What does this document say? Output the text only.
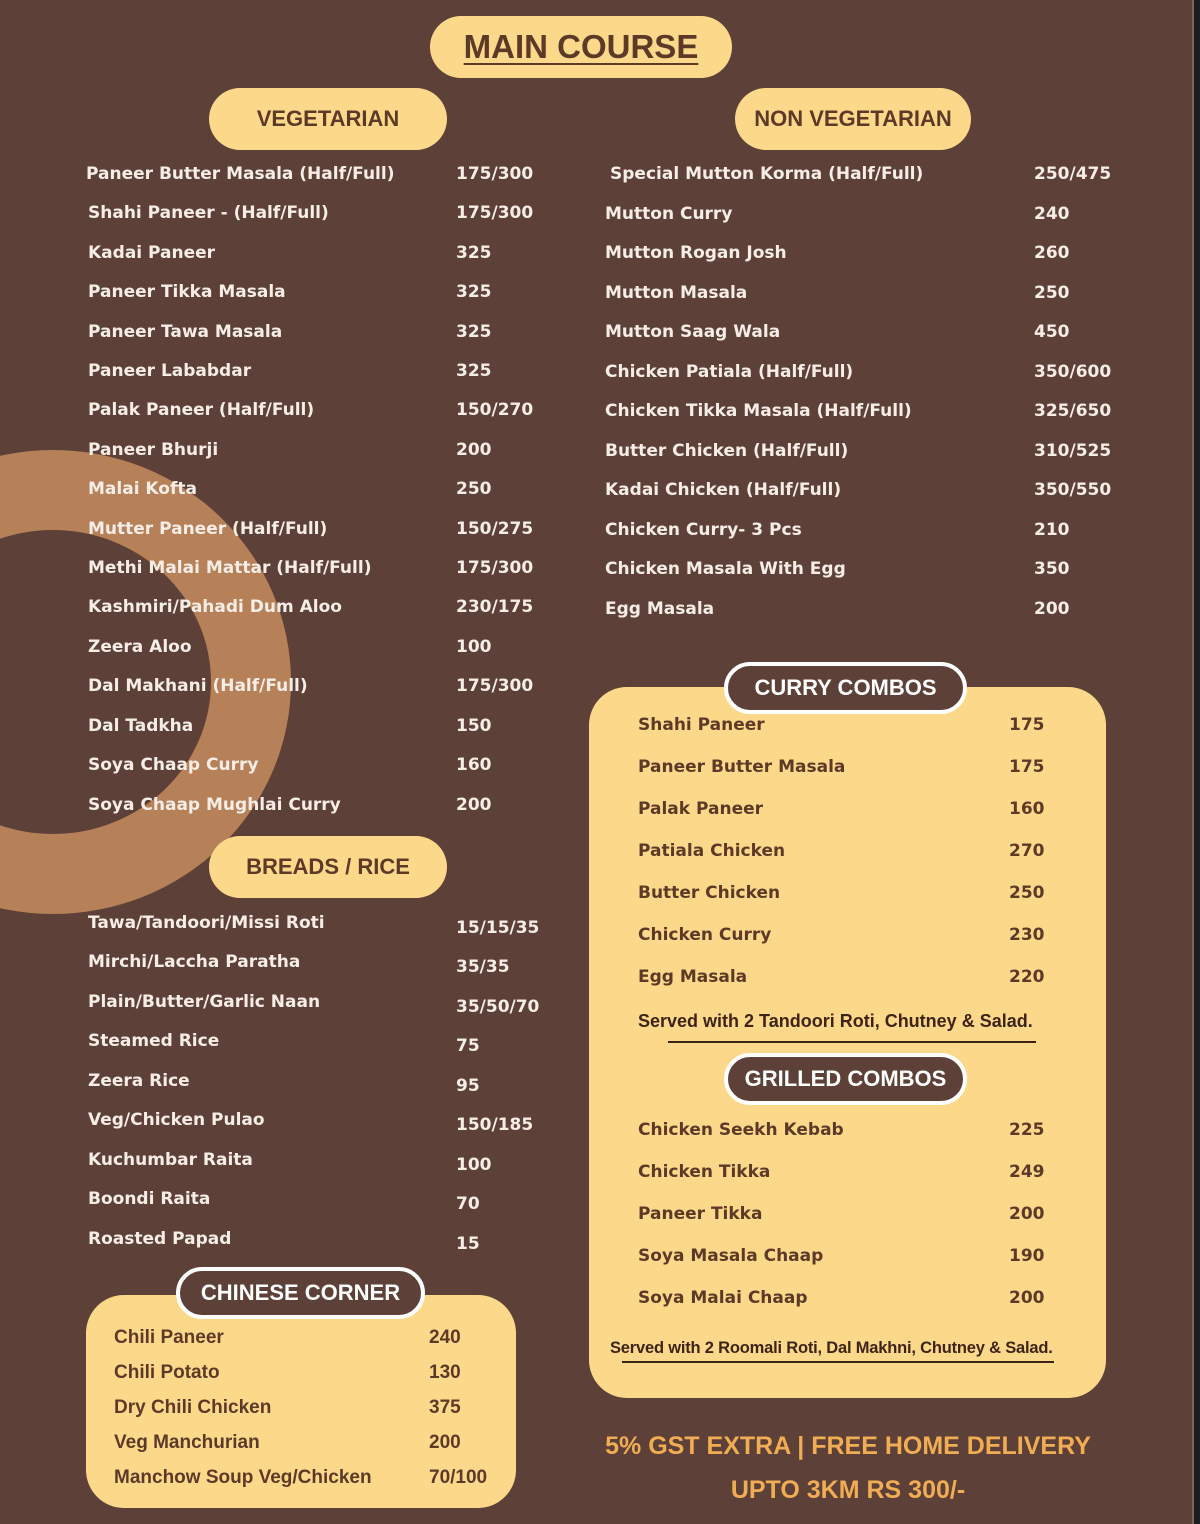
MAIN COURSE
VEGETARIAN	NON VEGETARIAN
BREADS / RICE
Paneer Butter Masala (Half/Full)	175/300
Shahi Paneer - (Half/Full)	175/300
Kadai Paneer	325
Paneer Tikka Masala	325
Paneer Tawa Masala	325
Paneer Lababdar	325
Palak Paneer (Half/Full)	150/270
Paneer Bhurji	200
Malai Kofta	250
Mutter Paneer (Half/Full)	150/275
Methi Malai Mattar (Half/Full)	175/300
Kashmiri/Pahadi Dum Aloo	230/175
Zeera Aloo	100
Dal Makhani (Half/Full)	175/300
Dal Tadkha	150
Soya Chaap Curry	160
Soya Chaap Mughlai Curry	200
Special Mutton Korma (Half/Full)	250/475
Mutton Curry	240
Mutton Rogan Josh	260
Mutton Masala	250
Mutton Saag Wala	450
Chicken Patiala (Half/Full)	350/600
Chicken Tikka Masala (Half/Full)	325/650
Butter Chicken (Half/Full)	310/525
Kadai Chicken (Half/Full)	350/550
Chicken Curry- 3 Pcs	210
Chicken Masala With Egg	350
Egg Masala	200
Tawa/Tandoori/Missi Roti	15/15/35
Mirchi/Laccha Paratha	35/35
Plain/Butter/Garlic Naan	35/50/70
Steamed Rice	75
Zeera Rice	95
Veg/Chicken Pulao	150/185
Kuchumbar Raita	100
Boondi Raita	70
Roasted Papad	15
CHINESE CORNER
Chili Paneer	240
Chili Potato	130
Dry Chili Chicken	375
Veg Manchurian	200
Manchow Soup Veg/Chicken	70/100
CURRY COMBOS
Shahi Paneer	175
Paneer Butter Masala	175
Palak Paneer	160
Patiala Chicken	270
Butter Chicken	250
Chicken Curry	230
Egg Masala	220
Served with 2 Tandoori Roti, Chutney & Salad.
GRILLED COMBOS
Chicken Seekh Kebab	225
Chicken Tikka	249
Paneer Tikka	200
Soya Masala Chaap	190
Soya Malai Chaap	200
Served with 2 Roomali Roti, Dal Makhni, Chutney & Salad.
5% GST EXTRA | FREE HOME DELIVERY
UPTO 3KM RS 300/-
